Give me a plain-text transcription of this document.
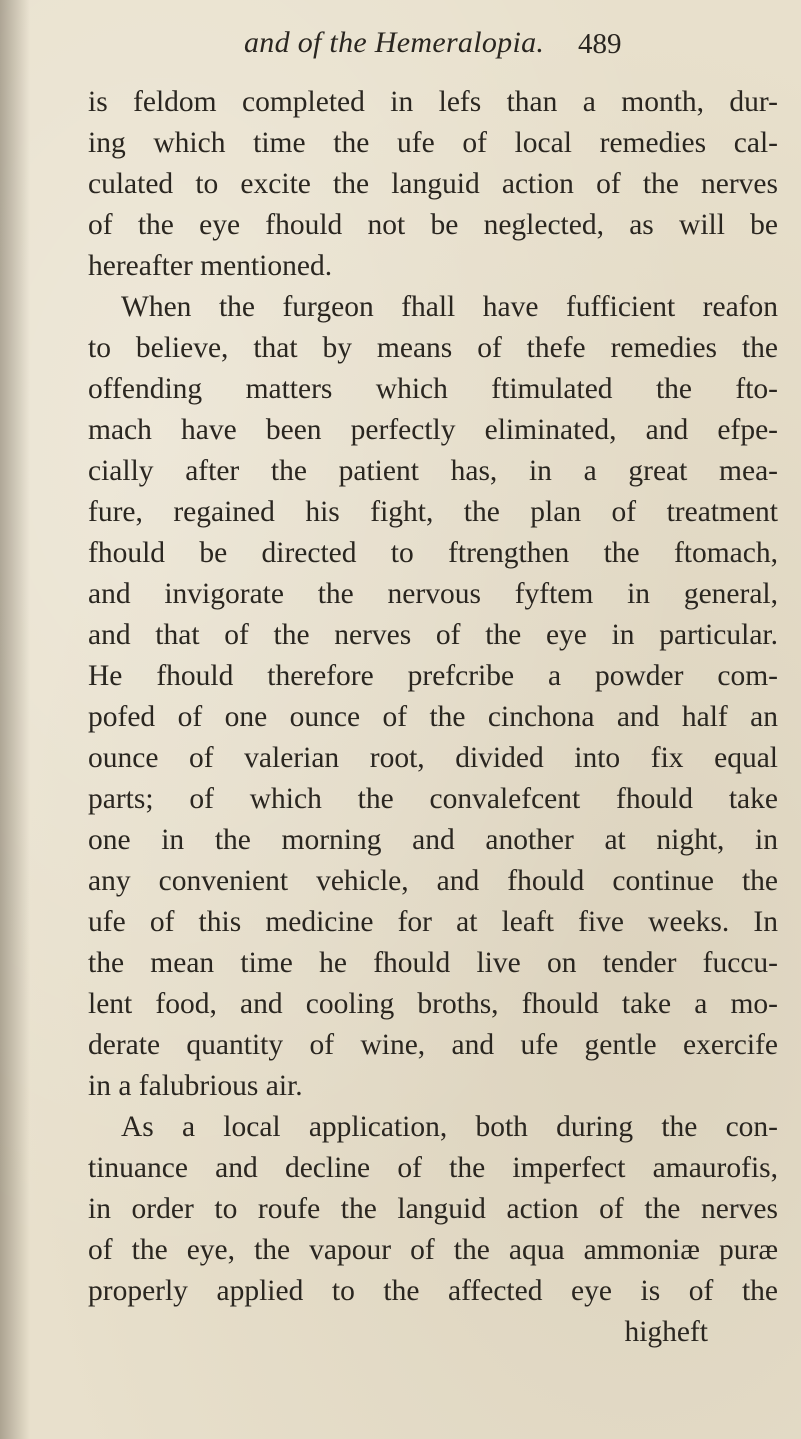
and of the Hemeralopia. 489
is feldom completed in lefs than a month, dur-
ing which time the ufe of local remedies cal-
culated to excite the languid action of the nerves
of the eye fhould not be neglected, as will be
hereafter mentioned.
When the furgeon fhall have fufficient reafon
to believe, that by means of thefe remedies the
offending matters which ftimulated the fto-
mach have been perfectly eliminated, and efpe-
cially after the patient has, in a great mea-
fure, regained his fight, the plan of treatment
fhould be directed to ftrengthen the ftomach,
and invigorate the nervous fyftem in general,
and that of the nerves of the eye in particular.
He fhould therefore prefcribe a powder com-
pofed of one ounce of the cinchona and half an
ounce of valerian root, divided into fix equal
parts; of which the convalefcent fhould take
one in the morning and another at night, in
any convenient vehicle, and fhould continue the
ufe of this medicine for at leaft five weeks. In
the mean time he fhould live on tender fuccu-
lent food, and cooling broths, fhould take a mo-
derate quantity of wine, and ufe gentle exercife
in a falubrious air.
As a local application, both during the con-
tinuance and decline of the imperfect amaurofis,
in order to roufe the languid action of the nerves
of the eye, the vapour of the aqua ammoniæ puræ
properly applied to the affected eye is of the
higheft
